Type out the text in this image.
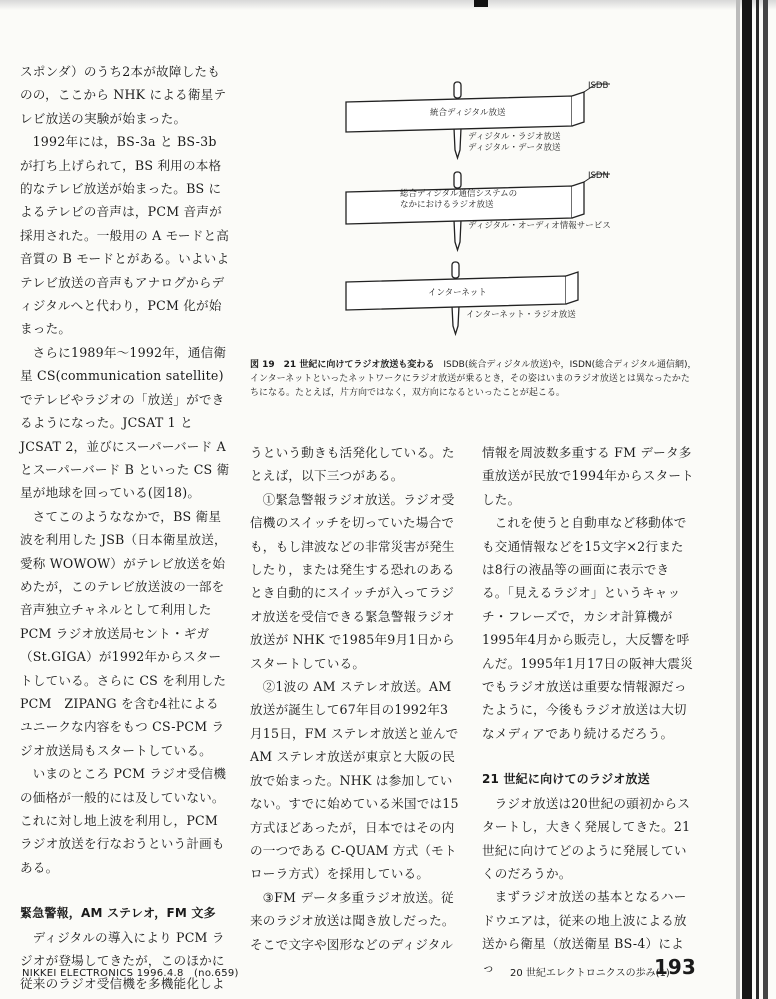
スポンダ）のうち2本が故障したものの，ここから NHK による衛星テレビ放送の実験が始まった。

1992年には，BS-3a と BS-3b が打ち上げられて，BS 利用の本格的なテレビ放送が始まった。BS によるテレビの音声は，PCM 音声が採用された。一般用の A モードと高音質の B モードとがある。いよいよテレビ放送の音声もアナログからディジタルへと代わり，PCM 化が始まった。

さらに1989年～1992年，通信衛星 CS(communication satellite)でテレビやラジオの「放送」ができるようになった。JCSAT 1 と JCSAT 2，並びにスーパーバード A とスーパーバード B といった CS 衛星が地球を回っている(図18)。

さてこのようななかで，BS 衛星波を利用した JSB（日本衛星放送，愛称 WOWOW）がテレビ放送を始めたが，このテレビ放送波の一部を音声独立チャネルとして利用した PCM ラジオ放送局セント・ギガ（St.GIGA）が1992年からスタートしている。さらに CS を利用した PCM　ZIPANG を含む4社によるユニークな内容をもつ CS-PCM ラジオ放送局もスタートしている。

いまのところ PCM ラジオ受信機の価格が一般的には及していない。これに対し地上波を利用し，PCM ラジオ放送を行なおうという計画もある。

緊急警報，AM ステレオ，FM 文多

ディジタルの導入により PCM ラジオが登場してきたが，このほかに従来のラジオ受信機を多機能化しよ

統合ディジタル放送
ISDB
ディジタル・ラジオ放送
ディジタル・データ放送
総合ディジタル通信システムの
なかにおけるラジオ放送
ISDN
ディジタル・オーディオ情報サービス
インターネット
インターネット・ラジオ放送
図 19　21 世紀に向けてラジオ放送も変わる　 ISDB(統合ディジタル放送)や，ISDN(総合ディジタル通信網)，インターネットといったネットワークにラジオ放送が乗るとき，その姿はいまのラジオ放送とは異なったかたちになる。たとえば，片方向ではなく，双方向になるといったことが起こる。

うという動きも活発化している。たとえば，以下三つがある。

①緊急警報ラジオ放送。ラジオ受信機のスイッチを切っていた場合でも，もし津波などの非常災害が発生したり，または発生する恐れのあるとき自動的にスイッチが入ってラジオ放送を受信できる緊急警報ラジオ放送が NHK で1985年9月1日からスタートしている。

②1波の AM ステレオ放送。AM 放送が誕生して67年目の1992年3月15日，FM ステレオ放送と並んで AM ステレオ放送が東京と大阪の民放で始まった。NHK は参加していない。すでに始めている米国では15方式ほどあったが，日本ではその内の一つである C-QUAM 方式（モトローラ方式）を採用している。

③FM データ多重ラジオ放送。従来のラジオ放送は聞き放しだった。そこで文字や図形などのディジタル

情報を周波数多重する FM データ多重放送が民放で1994年からスタートした。

これを使うと自動車など移動体でも交通情報などを15文字×2行または8行の液晶等の画面に表示できる。「見えるラジオ」というキャッチ・フレーズで，カシオ計算機が1995年4月から販売し，大反響を呼んだ。1995年1月17日の阪神大震災でもラジオ放送は重要な情報源だったように，今後もラジオ放送は大切なメディアであり続けるだろう。

21 世紀に向けてのラジオ放送

ラジオ放送は20世紀の頭初からスタートし，大きく発展してきた。21世紀に向けてどのように発展していくのだろうか。

まずラジオ放送の基本となるハードウエアは，従来の地上波による放送から衛星（放送衛星 BS-4）によっ

NIKKEI ELECTRONICS 1996.4.8　(no.659)	20 世紀エレクトロニクスの歩み(1)
193
